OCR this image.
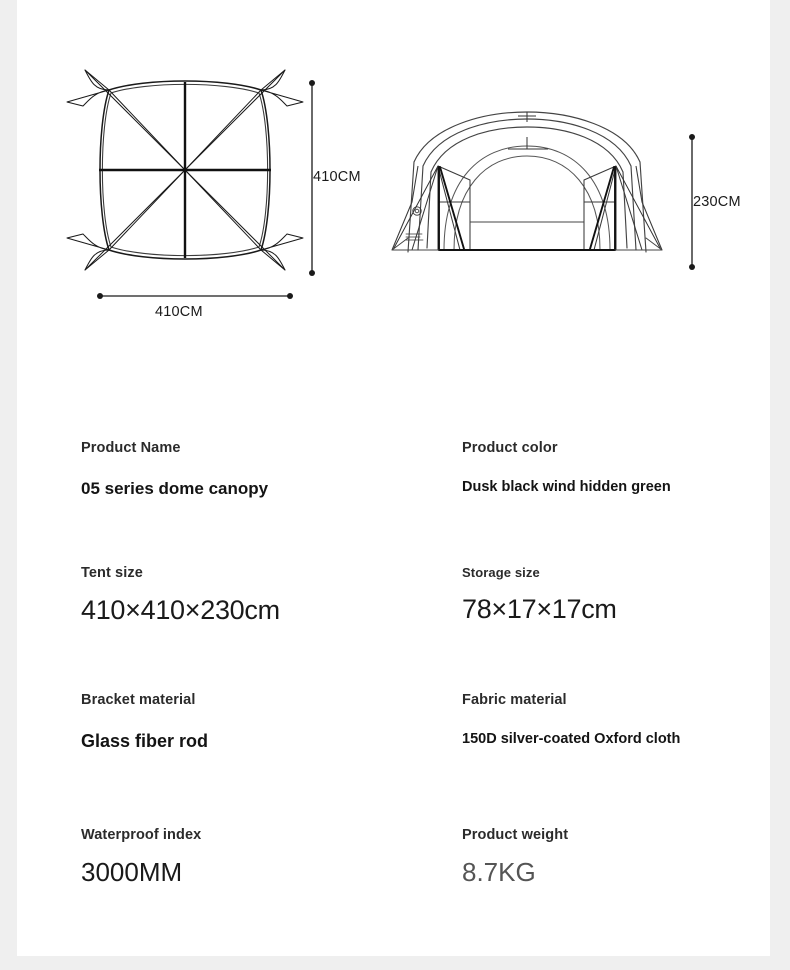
410CM
410CM
230CM
Product Name
05 series dome canopy
Product color
Dusk black wind hidden green
Tent size
410×410×230cm
Storage size
78×17×17cm
Bracket material
Glass fiber rod
Fabric material
150D silver-coated Oxford cloth
Waterproof index
3000MM
Product weight
8.7KG
